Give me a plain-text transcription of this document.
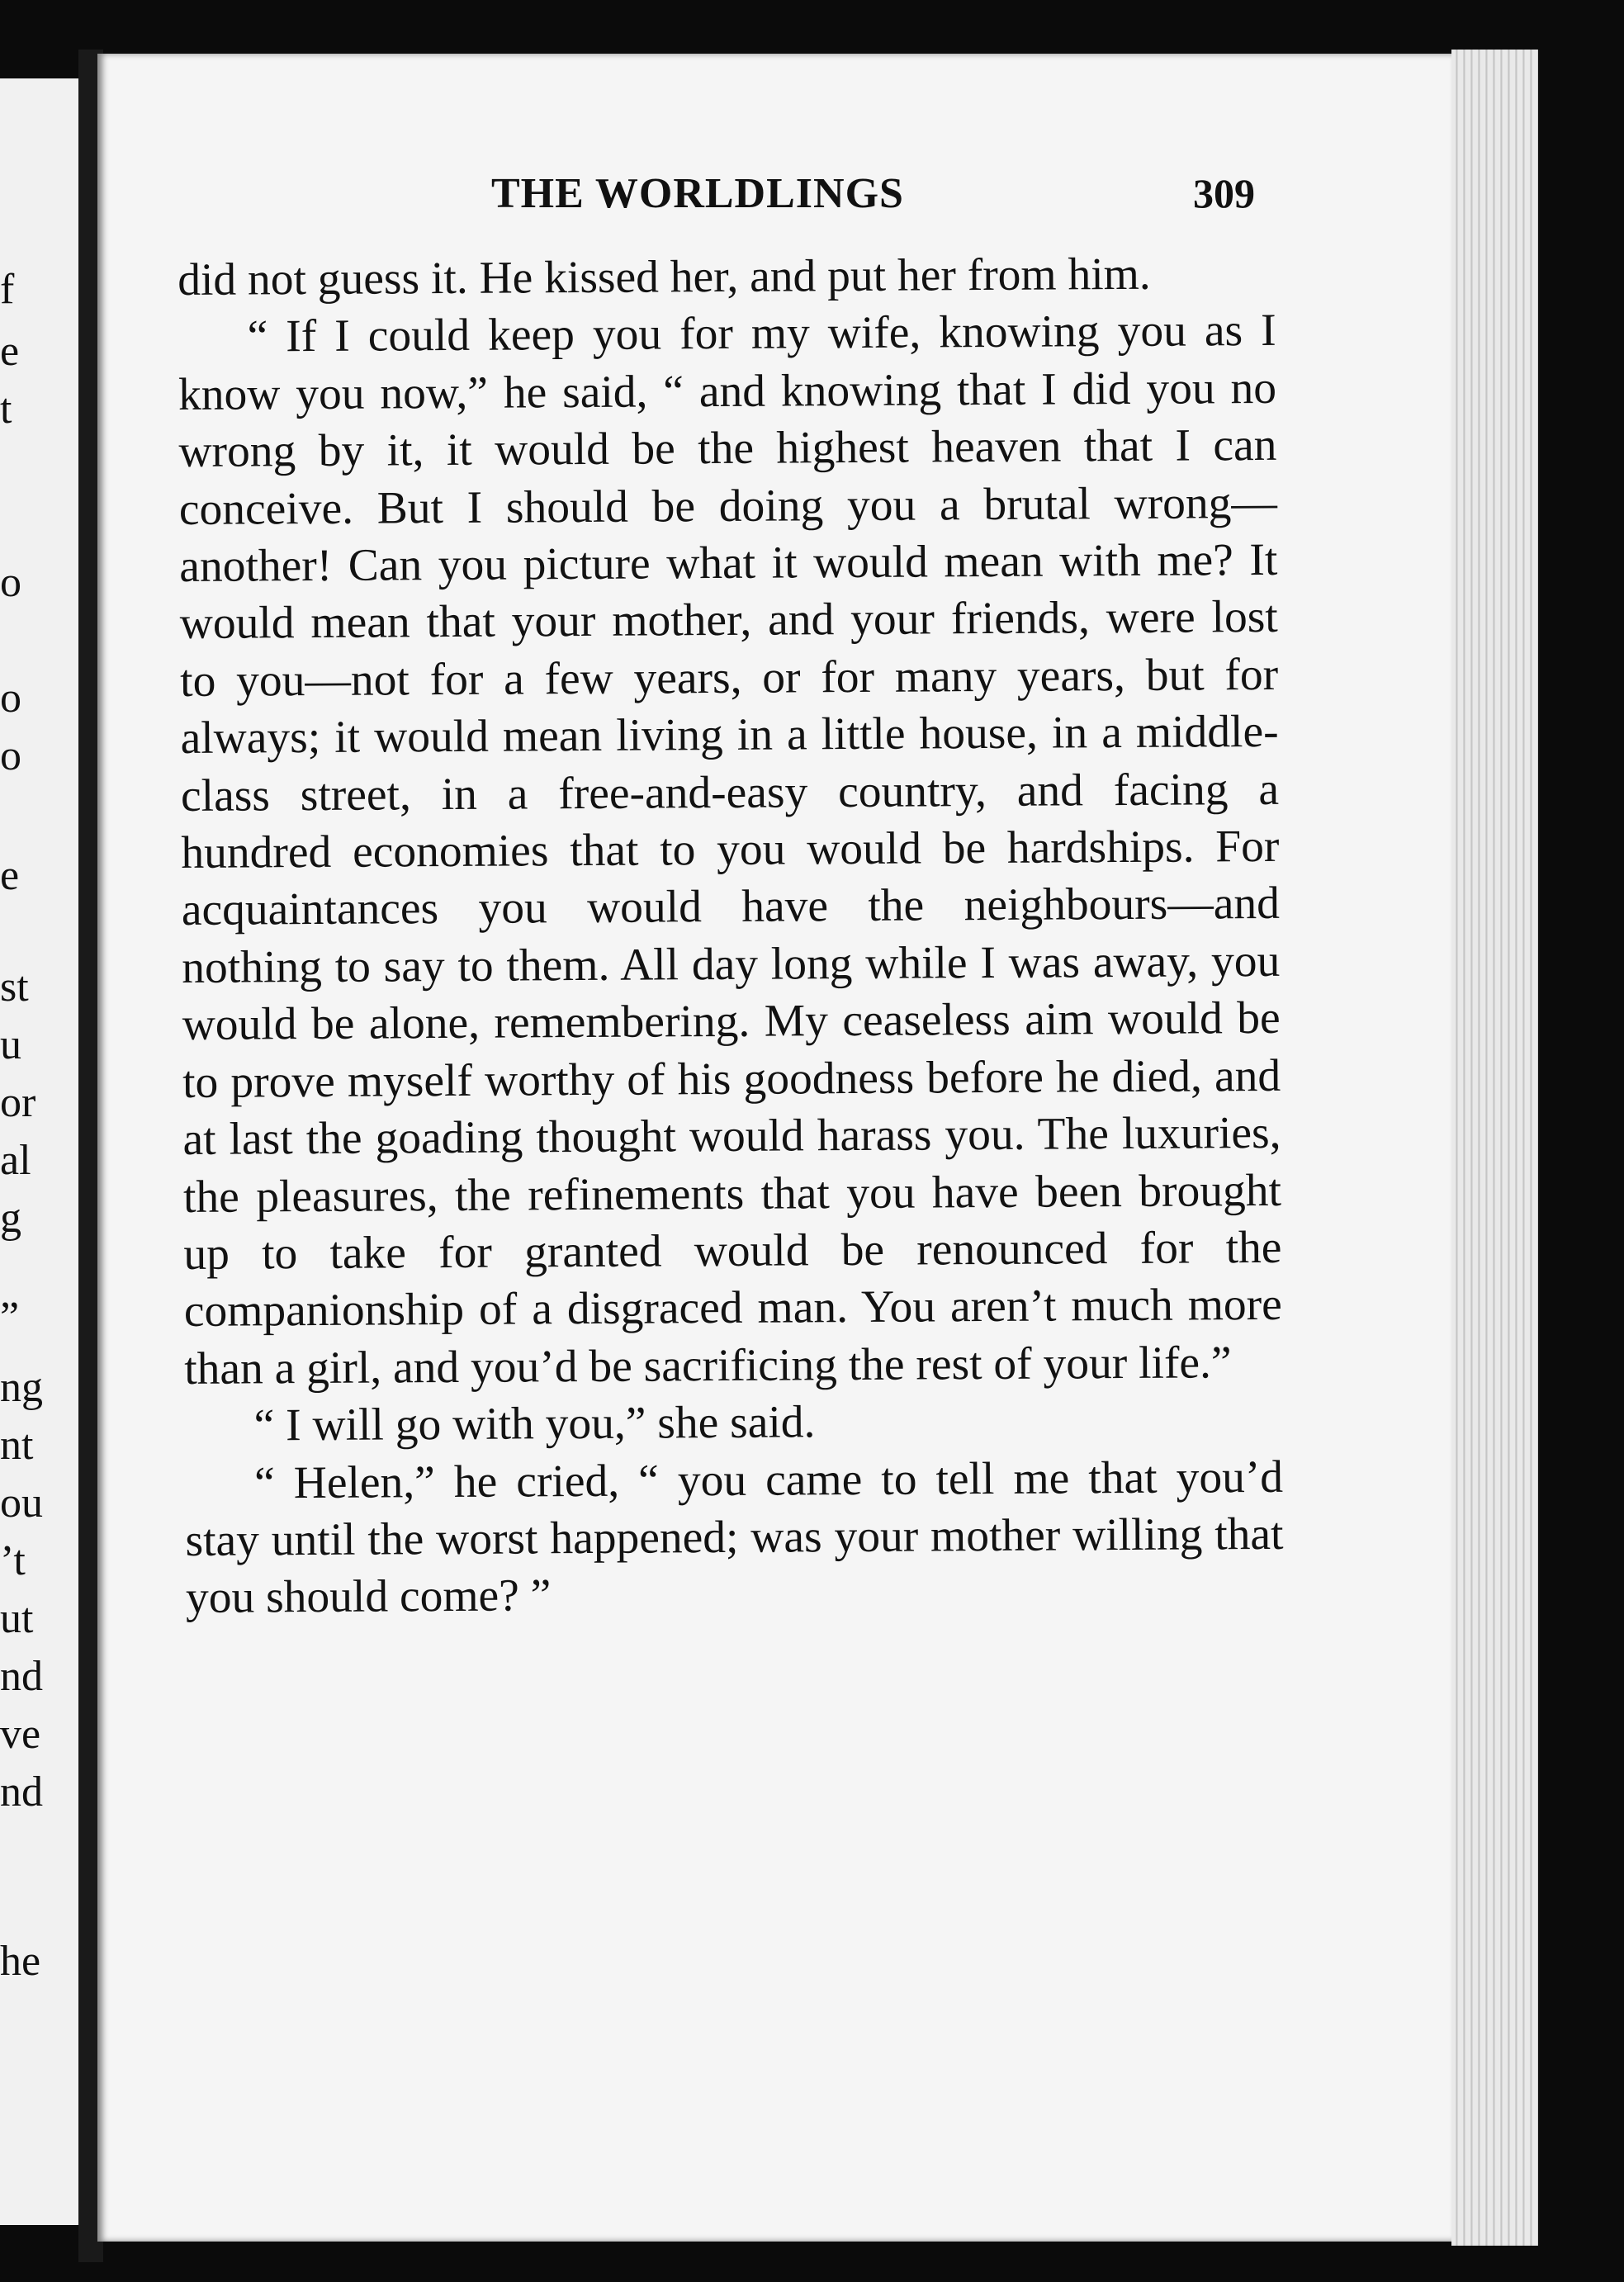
f
e
t
o
o
o
e
st
u
or
al
g
”
ng
nt
ou
’t
ut
nd
ve
nd
he
THE WORLDLINGS	309

did not guess it. He kissed her, and put her from him.

“ If I could keep you for my wife, knowing you as I know you now,” he said, “ and knowing that I did you no wrong by it, it would be the highest heaven that I can conceive. But I should be doing you a brutal wrong—another! Can you picture what it would mean with me? It would mean that your mother, and your friends, were lost to you—not for a few years, or for many years, but for always; it would mean living in a little house, in a middle-class street, in a free-and-easy country, and facing a hundred economies that to you would be hardships. For acquaintances you would have the neighbours—and nothing to say to them. All day long while I was away, you would be alone, remembering. My ceaseless aim would be to prove myself worthy of his goodness before he died, and at last the goading thought would harass you. The luxuries, the pleasures, the refinements that you have been brought up to take for granted would be renounced for the companionship of a disgraced man. You aren’t much more than a girl, and you’d be sacrificing the rest of your life.”

“ I will go with you,” she said.

“ Helen,” he cried, “ you came to tell me that you’d stay until the worst happened; was your mother willing that you should come? ”
